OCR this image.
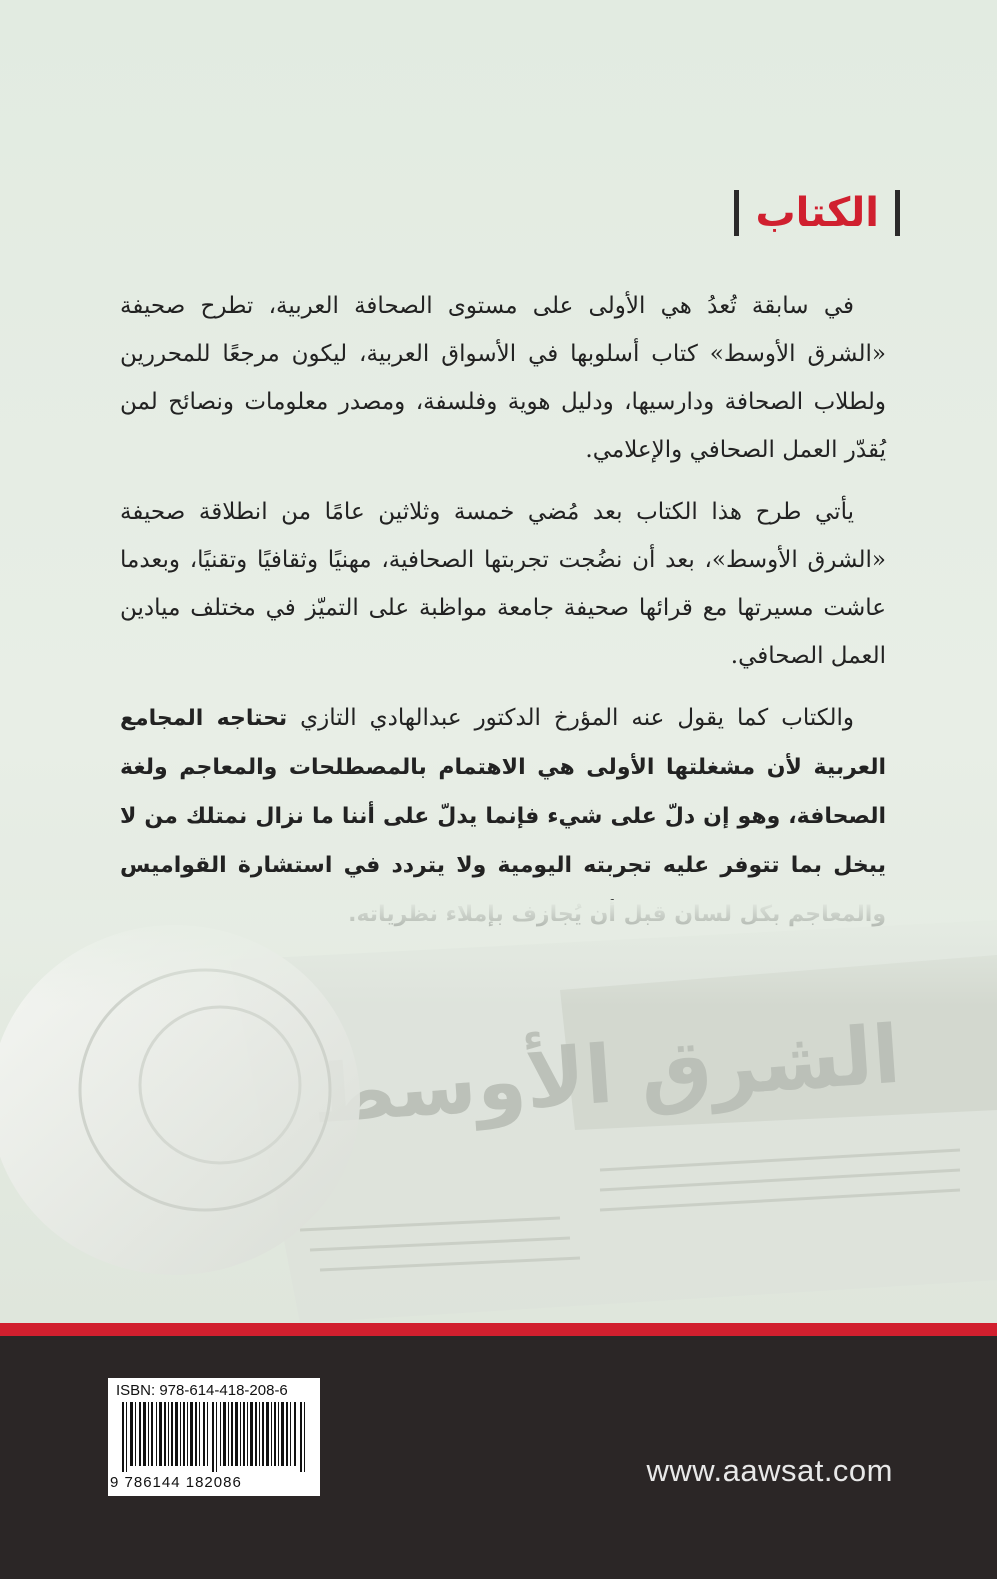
الكتاب

في سابقة تُعدُ هي الأولى على مستوى الصحافة العربية، تطرح صحيفة «الشرق الأوسط» كتاب أسلوبها في الأسواق العربية، ليكون مرجعًا للمحررين ولطلاب الصحافة ودارسيها، ودليل هوية وفلسفة، ومصدر معلومات ونصائح لمن يُقدّر العمل الصحافي والإعلامي.

يأتي طرح هذا الكتاب بعد مُضي خمسة وثلاثين عامًا من انطلاقة صحيفة «الشرق الأوسط»، بعد أن نضُجت تجربتها الصحافية، مهنيًا وثقافيًا وتقنيًا، وبعدما عاشت مسيرتها مع قرائها صحيفة جامعة مواظبة على التميّز في مختلف ميادين العمل الصحافي.

والكتاب كما يقول عنه المؤرخ الدكتور عبدالهادي التازي تحتاجه المجامع العربية لأن مشغلتها الأولى هي الاهتمام بالمصطلحات والمعاجم ولغة الصحافة، وهو إن دلّ على شيء فإنما يدلّ على أننا ما نزال نمتلك من لا يبخل بما تتوفر عليه تجربته اليومية ولا يتردد في استشارة القواميس

ISBN: 978-614-418-208-6
9 786144 182086	www.aawsat.com
